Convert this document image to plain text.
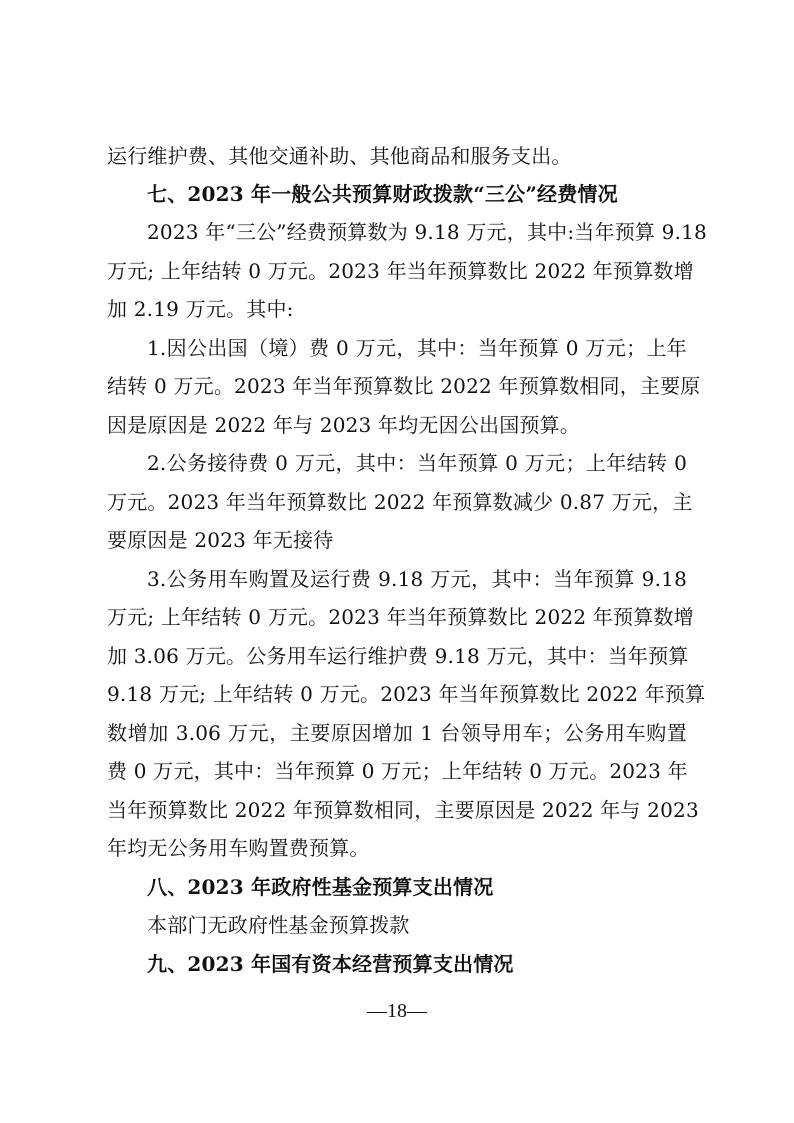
运行维护费、其他交通补助、其他商品和服务支出。
七、2023 年一般公共预算财政拨款“三公”经费情况
2023 年“三公”经费预算数为 9.18 万元，其中:当年预算 9.18
万元; 上年结转 0 万元。2023 年当年预算数比 2022 年预算数增
加 2.19 万元。其中:
1.因公出国（境）费 0 万元，其中：当年预算 0 万元；上年
结转 0 万元。2023 年当年预算数比 2022 年预算数相同，主要原
因是原因是 2022 年与 2023 年均无因公出国预算。
2.公务接待费 0 万元，其中：当年预算 0 万元；上年结转 0
万元。2023 年当年预算数比 2022 年预算数减少 0.87 万元，主
要原因是 2023 年无接待
3.公务用车购置及运行费 9.18 万元，其中：当年预算 9.18
万元; 上年结转 0 万元。2023 年当年预算数比 2022 年预算数增
加 3.06 万元。公务用车运行维护费 9.18 万元，其中：当年预算
9.18 万元; 上年结转 0 万元。2023 年当年预算数比 2022 年预算
数增加 3.06 万元，主要原因增加 1 台领导用车；公务用车购置
费 0 万元，其中：当年预算 0 万元；上年结转 0 万元。2023 年
当年预算数比 2022 年预算数相同，主要原因是 2022 年与 2023
年均无公务用车购置费预算。
八、2023 年政府性基金预算支出情况
本部门无政府性基金预算拨款
九、2023 年国有资本经营预算支出情况
—18—
